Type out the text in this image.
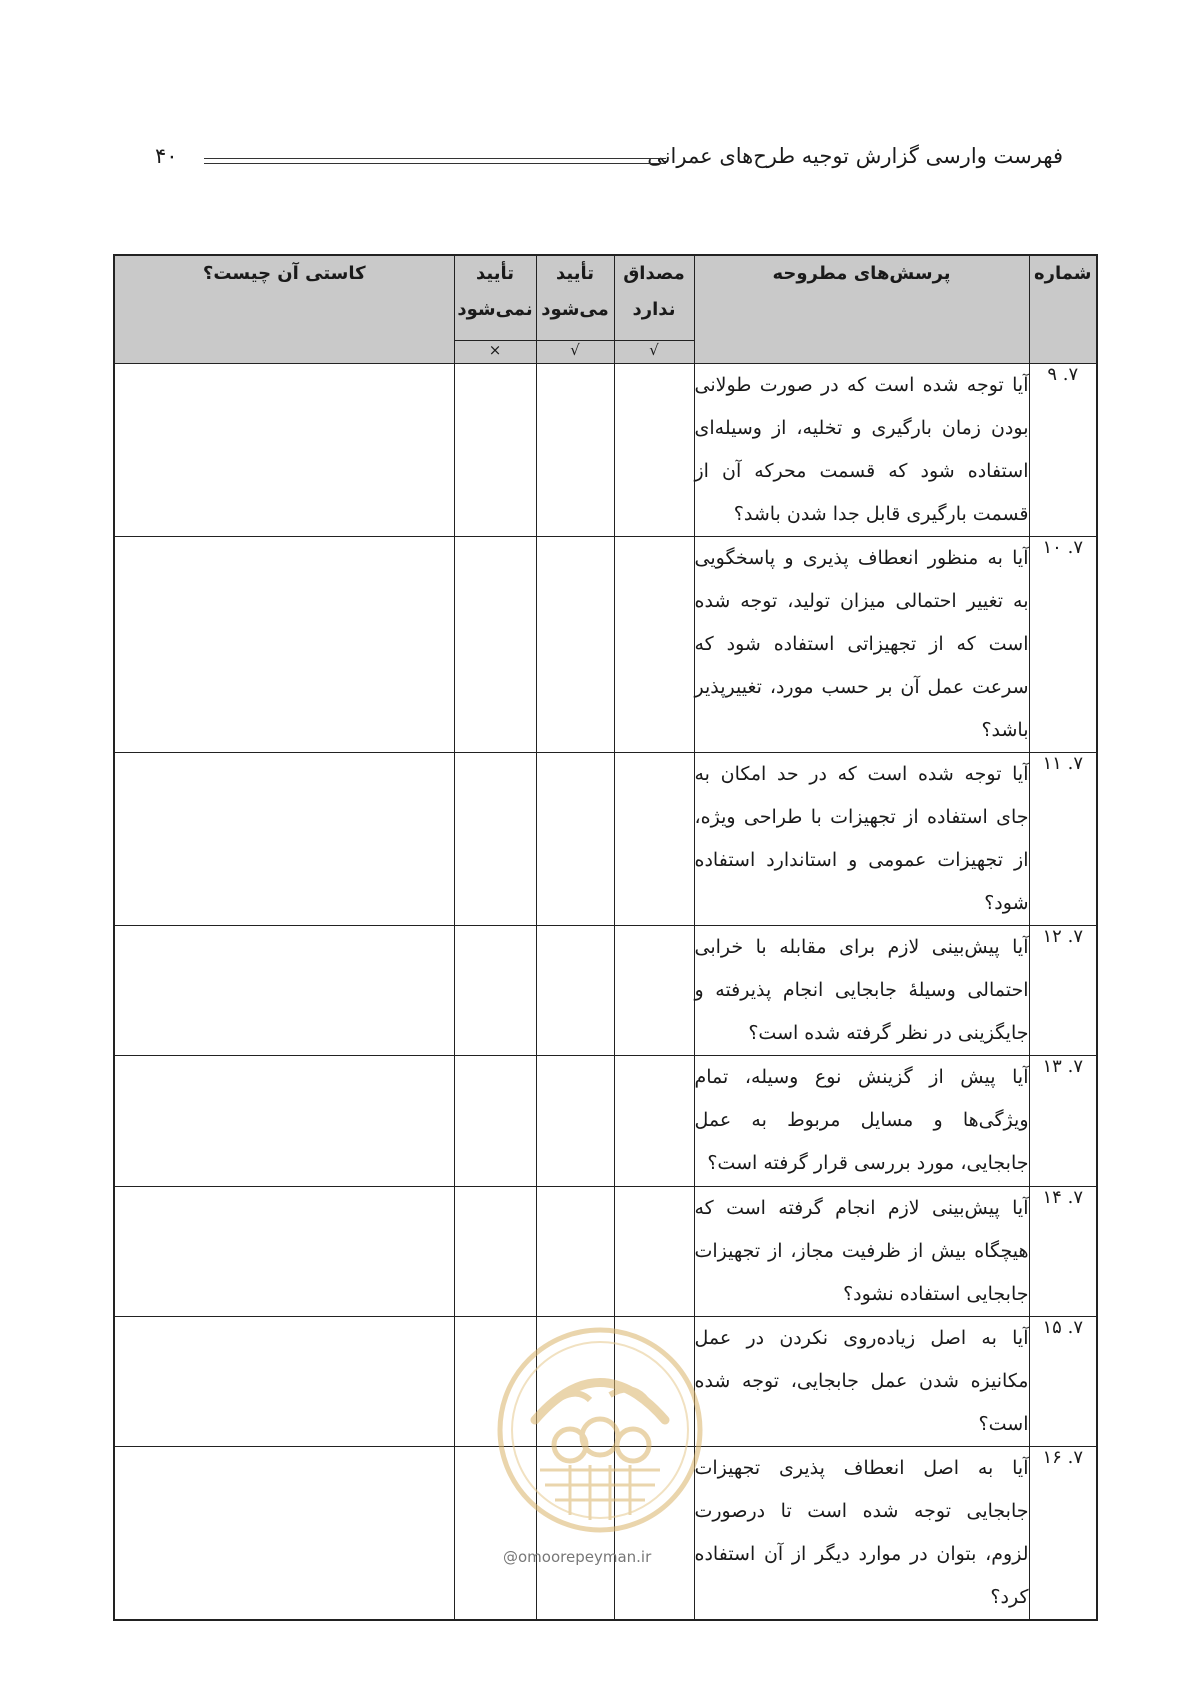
فهرست وارسی گزارش توجیه طرح‌های عمرانی
۴۰
شماره	پرسش‌های مطروحه	مصداق ندارد	تأیید می‌شود	تأیید نمی‌شود	کاستی آن چیست؟
		√	√	×	
۷. ۹	آیا توجه شده است که در صورت طولانی بودن زمان بارگیری و تخلیه، از وسیله‌ای استفاده شود که قسمت محرکه آن از قسمت بارگیری قابل جدا شدن باشد؟				
۷. ۱۰	آیا به منظور انعطاف پذیری و پاسخگویی به تغییر احتمالی میزان تولید، توجه شده است که از تجهیزاتی استفاده شود که سرعت عمل آن بر حسب مورد، تغییرپذیر باشد؟				
۷. ۱۱	آیا توجه شده است که در حد امکان به جای استفاده از تجهیزات با طراحی ویژه، از تجهیزات عمومی و استاندارد استفاده شود؟				
۷. ۱۲	آیا پیش‌بینی لازم برای مقابله با خرابی احتمالی وسیلهٔ جابجایی انجام پذیرفته و جایگزینی در نظر گرفته شده است؟				
۷. ۱۳	آیا پیش از گزینش نوع وسیله، تمام ویژگی‌ها و مسایل مربوط به عمل جابجایی، مورد بررسی قرار گرفته است؟				
۷. ۱۴	آیا پیش‌بینی لازم انجام گرفته است که هیچگاه بیش از ظرفیت مجاز، از تجهیزات جابجایی استفاده نشود؟				
۷. ۱۵	آیا به اصل زیاده‌روی نکردن در عمل مکانیزه شدن عمل جابجایی، توجه شده است؟				
۷. ۱۶	آیا به اصل انعطاف پذیری تجهیزات جابجایی توجه شده است تا درصورت لزوم، بتوان در موارد دیگر از آن استفاده کرد؟				
@omoorepeyman.ir
